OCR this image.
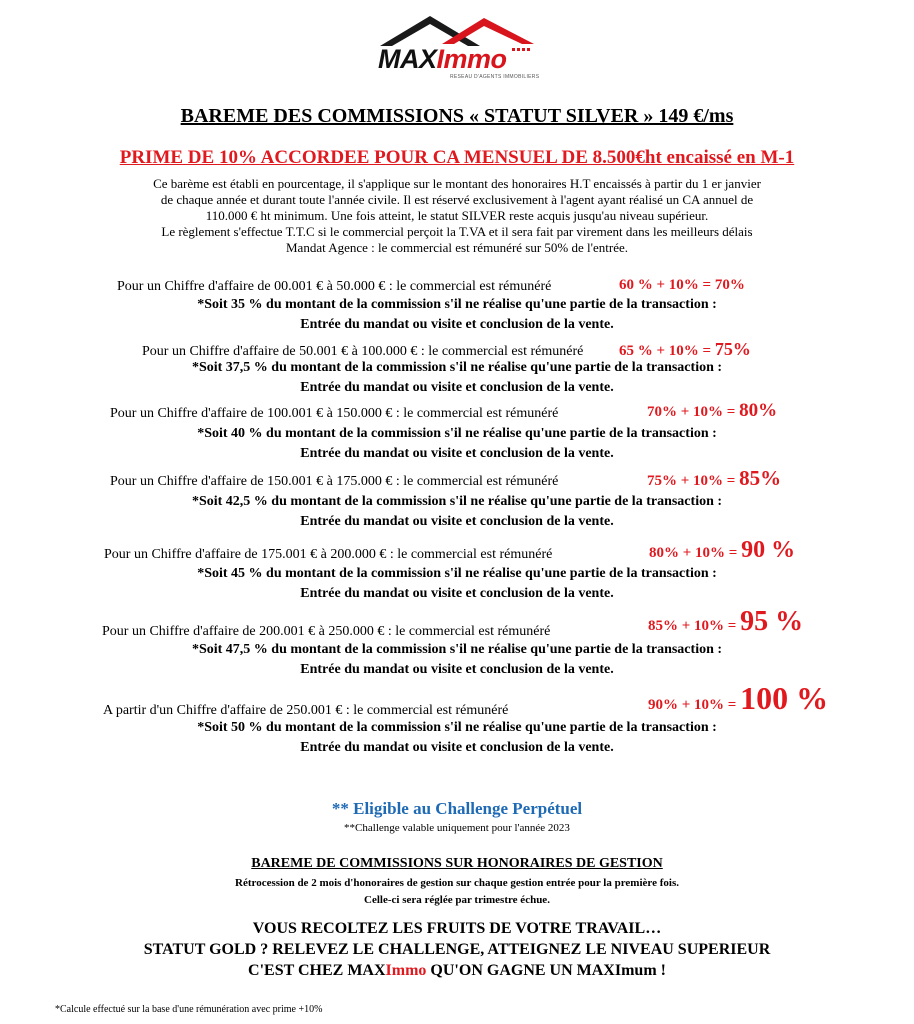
MAXImmo
RESEAU D'AGENTS IMMOBILIERS
BAREME DES COMMISSIONS « STATUT SILVER » 149 €/ms
PRIME DE 10% ACCORDEE POUR CA MENSUEL DE 8.500€ht encaissé en M-1
Ce barème est établi en pourcentage, il s'applique sur le montant des honoraires H.T encaissés à partir du 1 er janvier
de chaque année et durant toute l'année civile. Il est réservé exclusivement à l'agent ayant réalisé un CA annuel de
110.000 € ht minimum. Une fois atteint, le statut SILVER reste acquis jusqu'au niveau supérieur.
Le règlement s'effectue T.T.C si le commercial perçoit la T.VA et il sera fait par virement dans les meilleurs délais
Mandat Agence : le commercial est rémunéré sur 50% de l'entrée.
Pour un Chiffre d'affaire de 00.001 € à 50.000 € : le commercial est rémunéré	60 % + 10% = 70%
*Soit 35 % du montant de la commission s'il ne réalise qu'une partie de la transaction :
Entrée du mandat ou visite et conclusion de la vente.
Pour un Chiffre d'affaire de 50.001 € à 100.000 € : le commercial est rémunéré 65 % + 10% = 75%
*Soit 37,5 % du montant de la commission s'il ne réalise qu'une partie de la transaction :
Entrée du mandat ou visite et conclusion de la vente.
Pour un Chiffre d'affaire de 100.001 € à 150.000 € : le commercial est rémunéré	70% + 10% = 80%
*Soit 40 % du montant de la commission s'il ne réalise qu'une partie de la transaction :
Entrée du mandat ou visite et conclusion de la vente.
Pour un Chiffre d'affaire de 150.001 € à 175.000 € : le commercial est rémunéré	75% + 10% = 85%
*Soit 42,5 % du montant de la commission s'il ne réalise qu'une partie de la transaction :
Entrée du mandat ou visite et conclusion de la vente.
Pour un Chiffre d'affaire de 175.001 € à 200.000 € : le commercial est rémunéré	80% + 10% = 90 %
*Soit 45 % du montant de la commission s'il ne réalise qu'une partie de la transaction :
Entrée du mandat ou visite et conclusion de la vente.
Pour un Chiffre d'affaire de 200.001 € à 250.000 € : le commercial est rémunéré	85% + 10% = 95 %
*Soit 47,5 % du montant de la commission s'il ne réalise qu'une partie de la transaction :
Entrée du mandat ou visite et conclusion de la vente.
A partir d'un Chiffre d'affaire de 250.001 € : le commercial est rémunéré	90% + 10% = 100 %
*Soit 50 % du montant de la commission s'il ne réalise qu'une partie de la transaction :
Entrée du mandat ou visite et conclusion de la vente.
** Eligible au Challenge Perpétuel
**Challenge valable uniquement pour l'année 2023
BAREME DE COMMISSIONS SUR HONORAIRES DE GESTION
Rétrocession de 2 mois d'honoraires de gestion sur chaque gestion entrée pour la première fois.
Celle-ci sera réglée par trimestre échue.
VOUS RECOLTEZ LES FRUITS DE VOTRE TRAVAIL…
STATUT GOLD ? RELEVEZ LE CHALLENGE, ATTEIGNEZ LE NIVEAU SUPERIEUR
C'EST CHEZ MAXImmo QU'ON GAGNE UN MAXImum !
*Calcule effectué sur la base d'une rémunération avec prime +10%
